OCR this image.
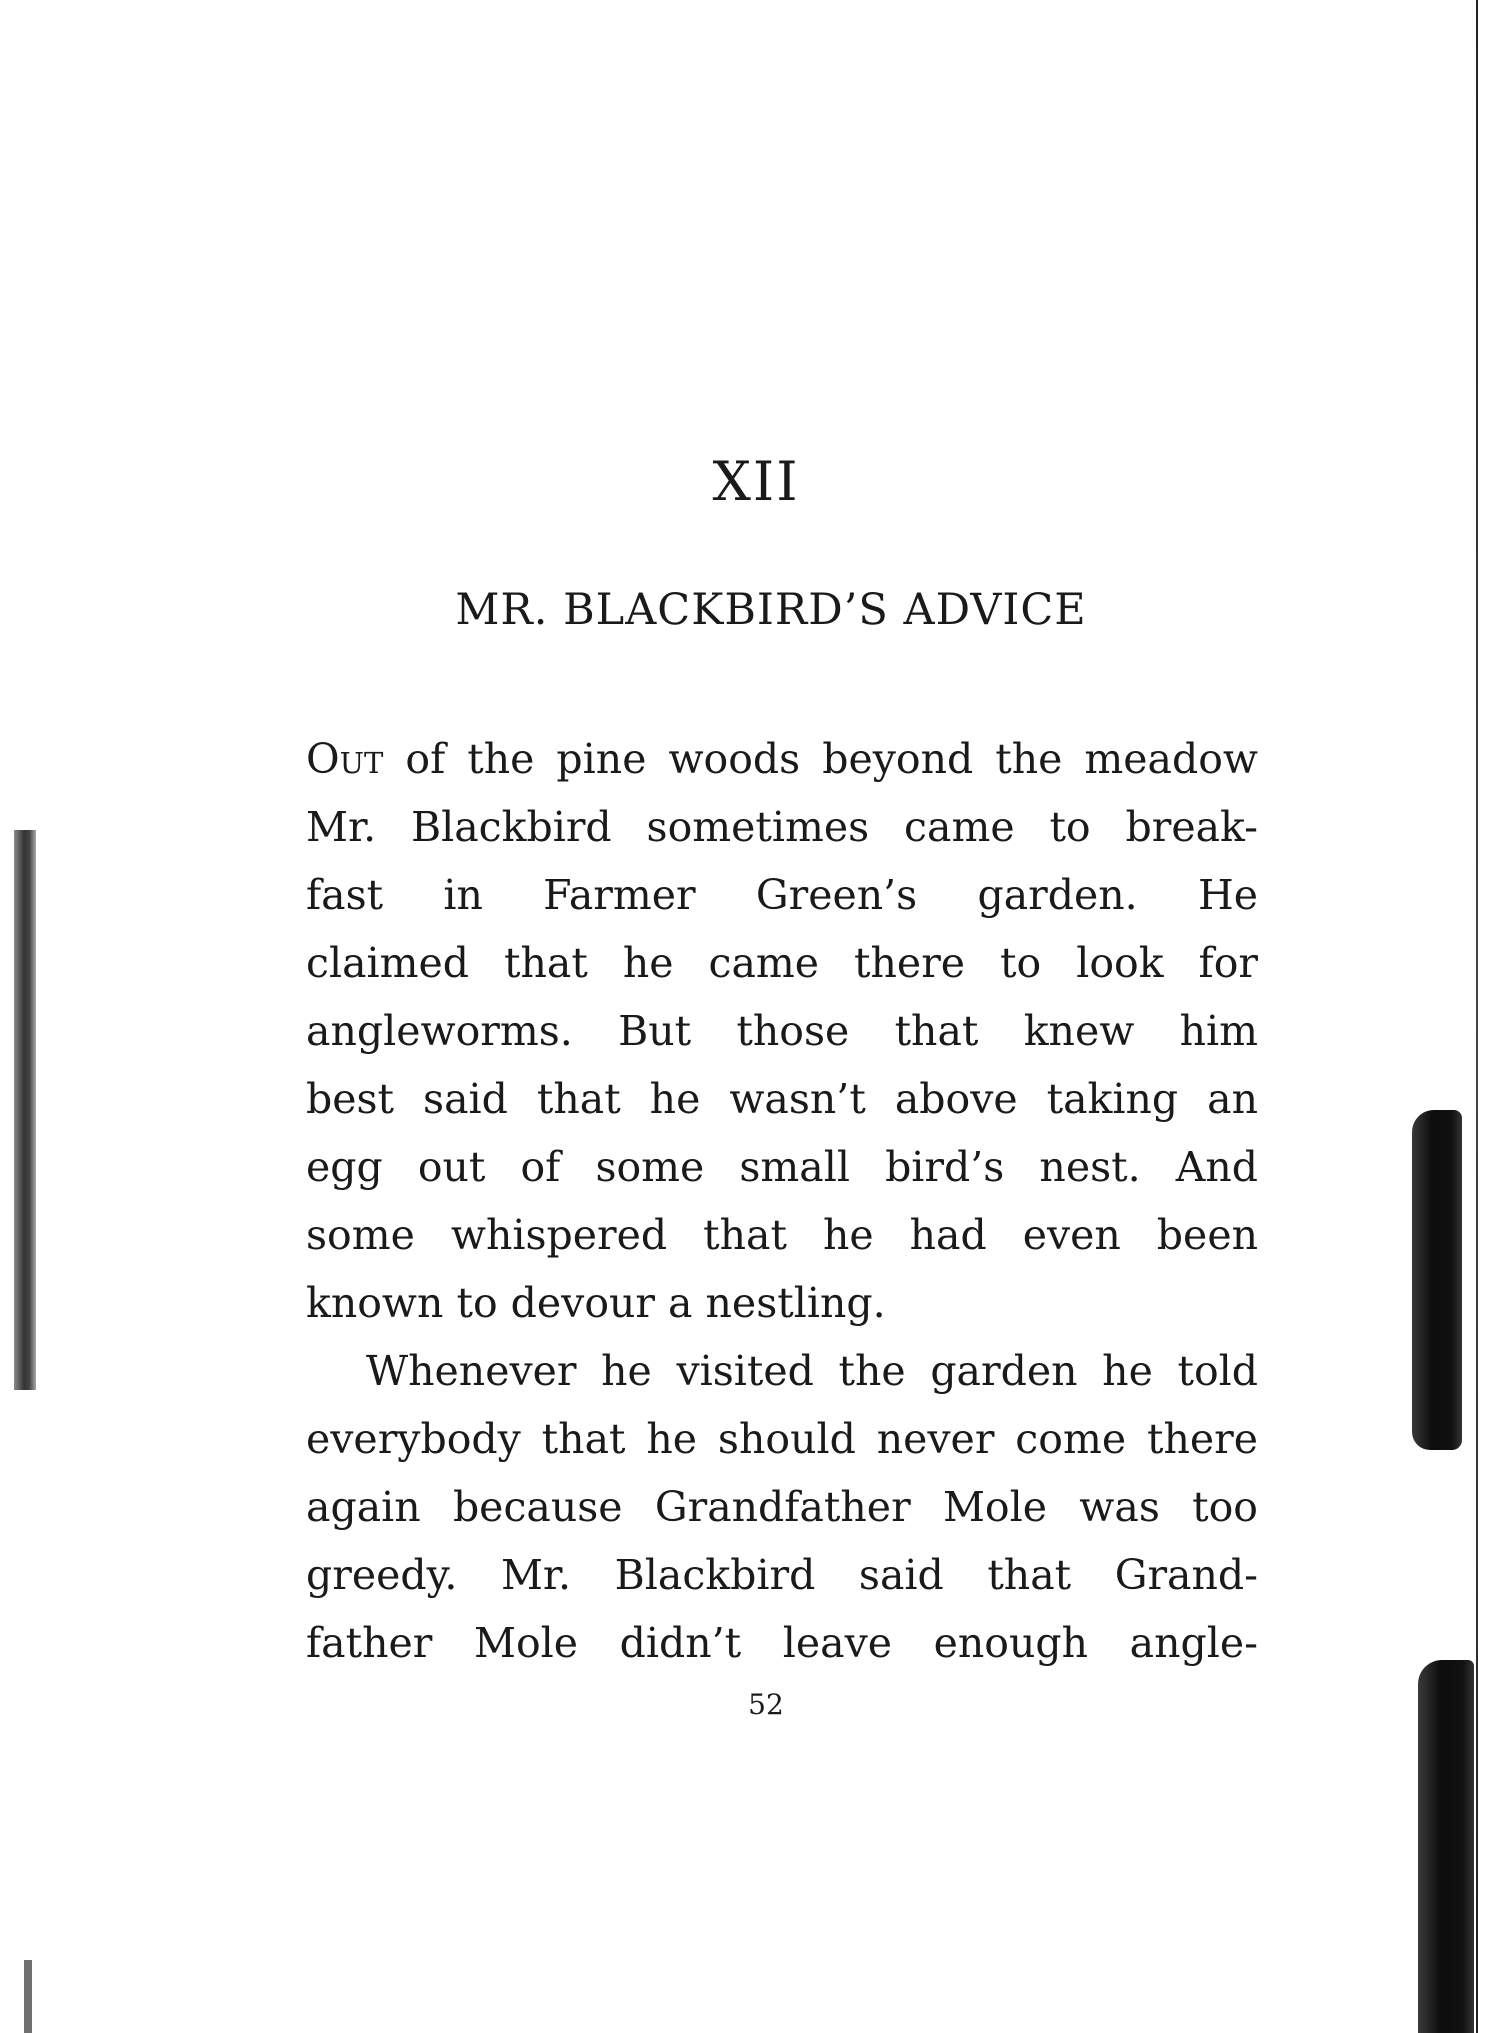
XII
MR. BLACKBIRD’S ADVICE
Out of the pine woods beyond the meadow
Mr. Blackbird sometimes came to break-
fast in Farmer Green’s garden. He
claimed that he came there to look for
angleworms. But those that knew him
best said that he wasn’t above taking an
egg out of some small bird’s nest. And
some whispered that he had even been
known to devour a nestling.
Whenever he visited the garden he told
everybody that he should never come there
again because Grandfather Mole was too
greedy. Mr. Blackbird said that Grand-
father Mole didn’t leave enough angle-
52
